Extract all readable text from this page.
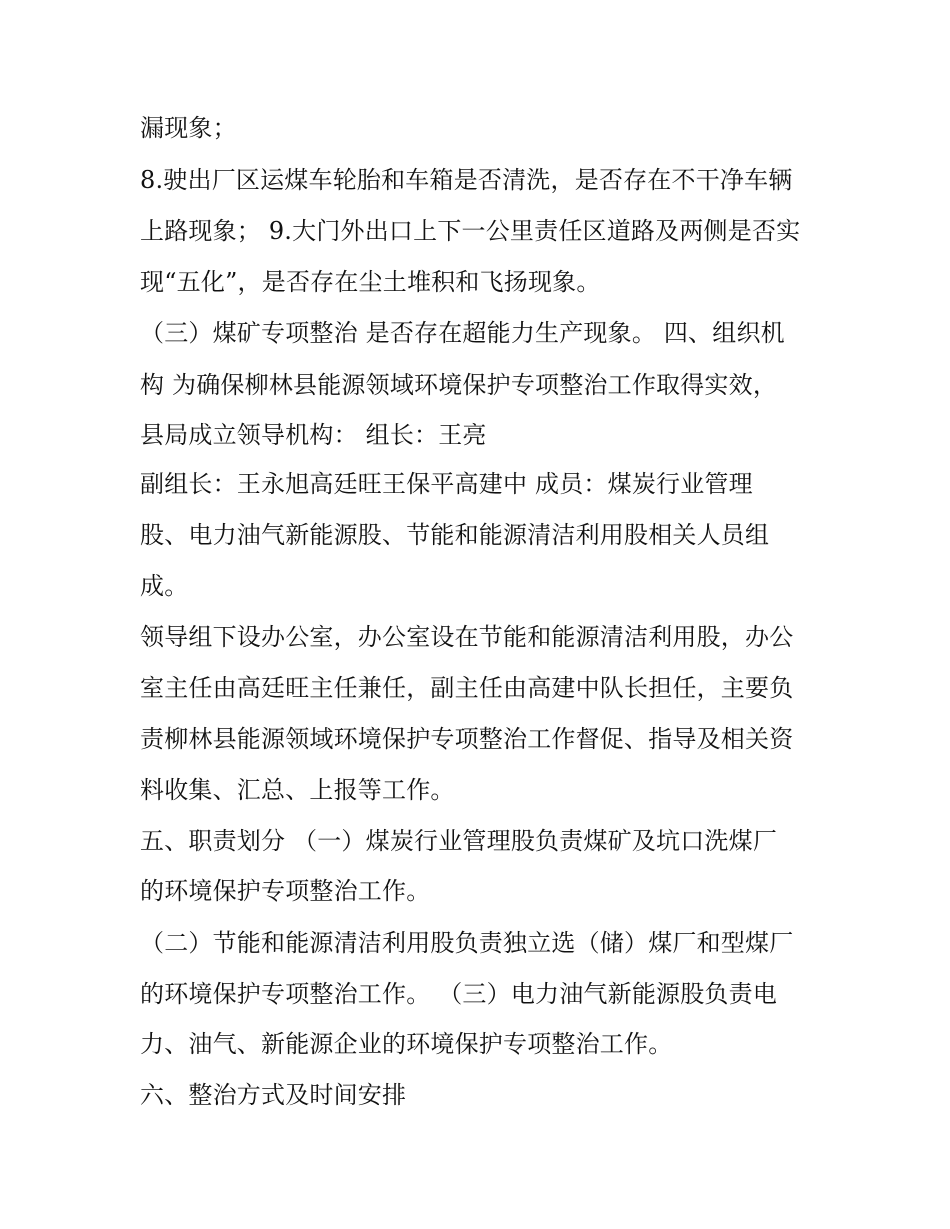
漏现象；
8.驶出厂区运煤车轮胎和车箱是否清洗，是否存在不干净车辆
上路现象； 9.大门外出口上下一公里责任区道路及两侧是否实
现“五化”，是否存在尘土堆积和飞扬现象。
（三）煤矿专项整治 是否存在超能力生产现象。 四、组织机
构 为确保柳林县能源领域环境保护专项整治工作取得实效，
县局成立领导机构： 组长：王亮
副组长：王永旭高廷旺王保平高建中 成员：煤炭行业管理
股、电力油气新能源股、节能和能源清洁利用股相关人员组
成。
领导组下设办公室，办公室设在节能和能源清洁利用股，办公
室主任由高廷旺主任兼任，副主任由高建中队长担任，主要负
责柳林县能源领域环境保护专项整治工作督促、指导及相关资
料收集、汇总、上报等工作。
五、职责划分 （一）煤炭行业管理股负责煤矿及坑口洗煤厂
的环境保护专项整治工作。
（二）节能和能源清洁利用股负责独立选（储）煤厂和型煤厂
的环境保护专项整治工作。 （三）电力油气新能源股负责电
力、油气、新能源企业的环境保护专项整治工作。
六、整治方式及时间安排
